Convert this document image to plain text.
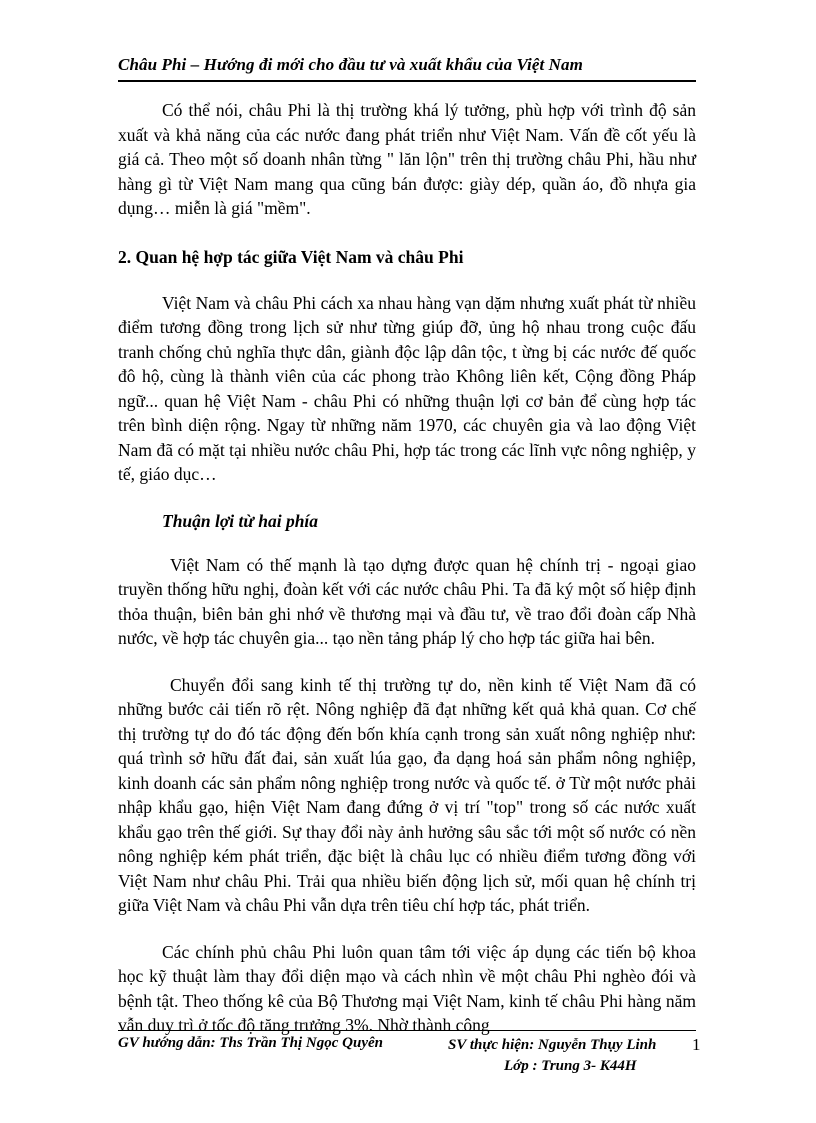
Châu Phi – Hướng đi mới cho đầu tư và xuất khẩu của Việt Nam

Có thể nói, châu Phi là thị trường khá lý tưởng, phù hợp với trình độ sản xuất và khả năng của các nước đang phát triển như Việt Nam. Vấn đề cốt yếu là giá cả. Theo một số doanh nhân từng " lăn lộn" trên thị trường châu Phi, hầu như hàng gì từ Việt Nam mang qua cũng bán được: giày dép, quần áo, đồ nhựa gia dụng… miễn là giá "mềm".

2. Quan hệ hợp tác giữa Việt Nam và châu Phi

Việt Nam và châu Phi cách xa nhau hàng vạn dặm nhưng xuất phát từ nhiều điểm tương đồng trong lịch sử như từng giúp đỡ, ủng hộ nhau trong cuộc đấu tranh chống chủ nghĩa thực dân, giành độc lập dân tộc, t ừng bị các nước đế quốc đô hộ, cùng là thành viên của các phong trào Không liên kết, Cộng đồng Pháp ngữ... quan hệ Việt Nam - châu Phi có những thuận lợi cơ bản để cùng hợp tác trên bình diện rộng. Ngay từ những năm 1970, các chuyên gia và lao động Việt Nam đã có mặt tại nhiều nước châu Phi, hợp tác trong các lĩnh vực nông nghiệp, y tế, giáo dục…

Thuận lợi từ hai phía

Việt Nam có thế mạnh là tạo dựng được quan hệ chính trị - ngoại giao truyền thống hữu nghị, đoàn kết với các nước châu Phi. Ta đã ký một số hiệp định thỏa thuận, biên bản ghi nhớ về thương mại và đầu tư, về trao đổi đoàn cấp Nhà nước, về hợp tác chuyên gia... tạo nền tảng pháp lý cho hợp tác giữa hai bên.

Chuyển đổi sang kinh tế thị trường tự do, nền kinh tế Việt Nam đã có những bước cải tiến rõ rệt. Nông nghiệp đã đạt những kết quả khả quan. Cơ chế thị trường tự do đó tác động đến bốn khía cạnh trong sản xuất nông nghiệp như: quá trình sở hữu đất đai, sản xuất lúa gạo, đa dạng hoá sản phẩm nông nghiệp, kinh doanh các sản phẩm nông nghiệp trong nước và quốc tế. ở Từ một nước phải nhập khẩu gạo, hiện Việt Nam đang đứng ở vị trí "top" trong số các nước xuất khẩu gạo trên thế giới. Sự thay đổi này ảnh hưởng sâu sắc tới một số nước có nền nông nghiệp kém phát triển, đặc biệt là châu lục có nhiều điểm tương đồng với Việt Nam như châu Phi. Trải qua nhiều biến động lịch sử, mối quan hệ chính trị giữa Việt Nam và châu Phi vẫn dựa trên tiêu chí hợp tác, phát triển.

Các chính phủ châu Phi luôn quan tâm tới việc áp dụng các tiến bộ khoa học kỹ thuật làm thay đổi diện mạo và cách nhìn về một châu Phi nghèo đói và bệnh tật. Theo thống kê của Bộ Thương mại Việt Nam, kinh tế châu Phi hàng năm vẫn duy trì ở tốc độ tăng trưởng 3%. Nhờ thành công

GV hướng dẫn: Ths Trần Thị Ngọc Quyên	SV thực hiện: Nguyễn Thụy Linh
Lớp : Trung 3- K44H
1
